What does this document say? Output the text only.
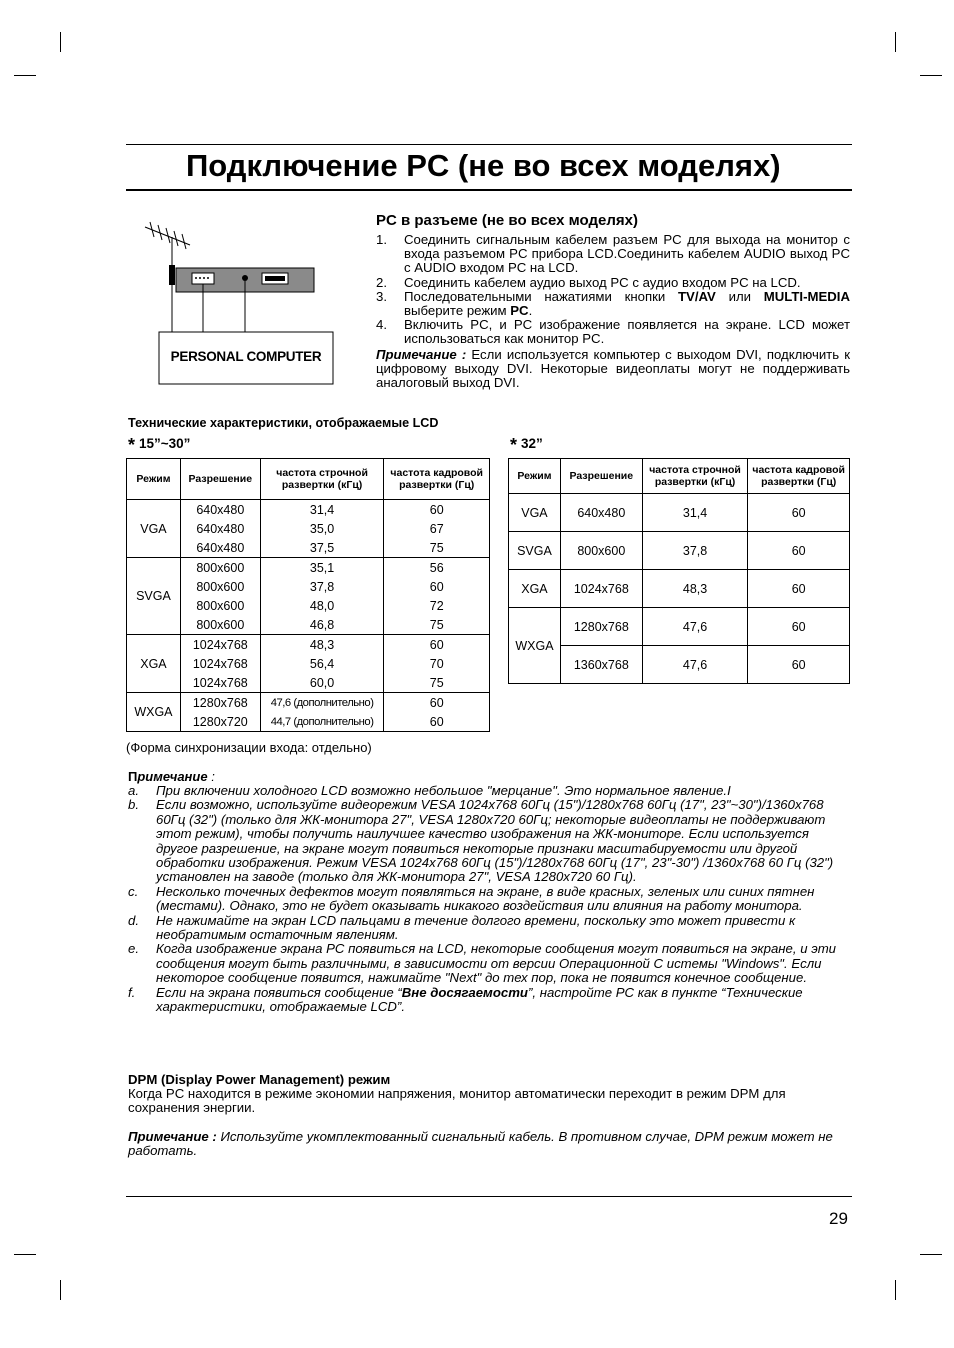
Подключение PC (не во всех моделях)
PERSONAL COMPUTER
PC в разъеме (не во всех моделях)
1. Соединить сигнальным кабелем разъем PC для выхода на монитор с входа разъемом PC прибора LCD.Соединить кабелем AUDIO выход PC с AUDIO входом PC на LCD.
2. Соединить кабелем аудио выход PC с аудио входом PC на LCD.
3. Последовательными нажатиями кнопки TV/AV или MULTI-MEDIA выберите режим PC.
4. Включить PC, и PC изображение появляется на экране. LCD может использоваться как монитор PC.
Примечание : Если используется компьютер с выходом DVI, подключить к цифровому выходу DVI. Некоторые видеоплаты могут не поддерживать аналоговый выход DVI.
Технические характеристики, отображаемые LCD
* 15”~30”	* 32”
Режим	Разрешение	частота строчной развертки (кГц)	частота кадровой развертки (Гц)
VGA	640x480	31,4	60
	640x480	35,0	67
	640x480	37,5	75
SVGA	800x600	35,1	56
	800x600	37,8	60
	800x600	48,0	72
	800x600	46,8	75
XGA	1024x768	48,3	60
	1024x768	56,4	70
	1024x768	60,0	75
WXGA	1280x768	47,6 (дополнительно)	60
	1280x720	44,7 (дополнительно)	60
Режим	Разрешение	частота строчной развертки (кГц)	частота кадровой развертки (Гц)
VGA	640x480	31,4	60
SVGA	800x600	37,8	60
XGA	1024x768	48,3	60
WXGA	1280x768	47,6	60
	1360x768	47,6	60
(Форма синхронизации входа: отдельно)
Примечание :
a. При включении холодного LCD возможно небольшое "мерцание". Это нормальное явление.I
b. Если возможно, используйте видеорежим VESA 1024x768 60Гц (15")/1280x768 60Гц (17", 23"~30")/1360x768 60Гц (32") (только для ЖК-монитора 27", VESA 1280x720 60Гц; некоторые видеоплаты не поддерживают этот режим), чтобы получить наилучшее качество изображения на ЖК-мониторе. Если используется другое разрешение, на экране могут появиться некоторые признаки масштабируемости или другой обработки изображения. Режим VESA 1024x768 60Гц (15")/1280x768 60Гц (17", 23"-30") /1360x768 60 Гц (32") установлен на заводе (только для ЖК-монитора 27", VESA 1280x720 60 Гц).
c. Несколько точечных дефектов могут появляться на экране, в виде красных, зеленых или синих пятнен (местами). Однако, это не будет оказывать никакого воздействия или влияния на работу монитора.
d. Не нажимайте на экран LCD пальцами в течение долгого времени, поскольку это может привести к необратимым остаточным явлениям.
e. Когда изображение экрана PC появиться на LCD, некоторые сообщения могут появиться на экране, и эти сообщения могут быть различными, в зависимости от версии Операционной С истемы "Windows". Если некоторое сообщение появится, нажимайте "Next" до тех пор, пока не появится конечное сообщение.
f. Если на экрана появиться сообщение “Вне досягаемости”, настройте PC как в пункте “Технические характеристики, отображаемые LCD”.
DPM (Display Power Management) режим
Когда PC находится в режиме экономии напряжения, монитор автоматически переходит в режим DPM для сохранения энергии.
Примечание : Используйте укомплектованный сигнальный кабель. В противном случае, DPM режим может не работать.
29
